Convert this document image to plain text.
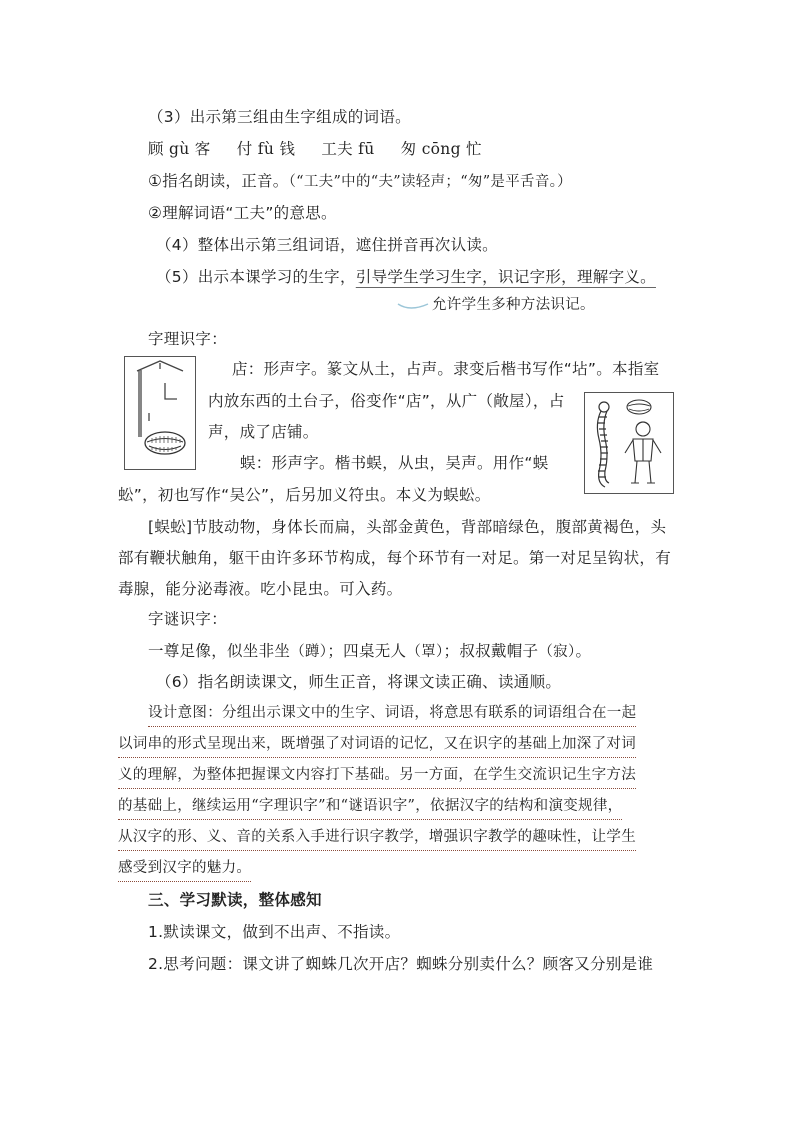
（3）出示第三组由生字组成的词语。
顾 gù 客 付 fù 钱 工夫 fū 匆 cōng 忙
①指名朗读，正音。（“工夫”中的“夫”读轻声；“匆”是平舌音。）
②理解词语“工夫”的意思。
（4）整体出示第三组词语，遮住拼音再次认读。
（5）出示本课学习的生字，引导学生学习生字，识记字形，理解字义。
允许学生多种方法识记。
字理识字：
店：形声字。篆文从土，占声。隶变后楷书写作“坫”。本指室
内放东西的土台子，俗变作“店”，从广（敞屋），占
声，成了店铺。
蜈：形声字。楷书蜈，从虫，吴声。用作“蜈
蚣”，初也写作“吴公”，后另加义符虫。本义为蜈蚣。
[蜈蚣]节肢动物，身体长而扁，头部金黄色，背部暗绿色，腹部黄褐色，头
部有鞭状触角，躯干由许多环节构成，每个环节有一对足。第一对足呈钩状，有
毒腺，能分泌毒液。吃小昆虫。可入药。
字谜识字：
一尊足像，似坐非坐（蹲）；四桌无人（罩）；叔叔戴帽子（寂）。
（6）指名朗读课文，师生正音，将课文读正确、读通顺。
设计意图：分组出示课文中的生字、词语，将意思有联系的词语组合在一起
以词串的形式呈现出来，既增强了对词语的记忆，又在识字的基础上加深了对词
义的理解，为整体把握课文内容打下基础。另一方面，在学生交流识记生字方法
的基础上，继续运用“字理识字”和“谜语识字”，依据汉字的结构和演变规律，
从汉字的形、义、音的关系入手进行识字教学，增强识字教学的趣味性，让学生
感受到汉字的魅力。
三、学习默读，整体感知
1.默读课文，做到不出声、不指读。
2.思考问题：课文讲了蜘蛛几次开店？蜘蛛分别卖什么？顾客又分别是谁
